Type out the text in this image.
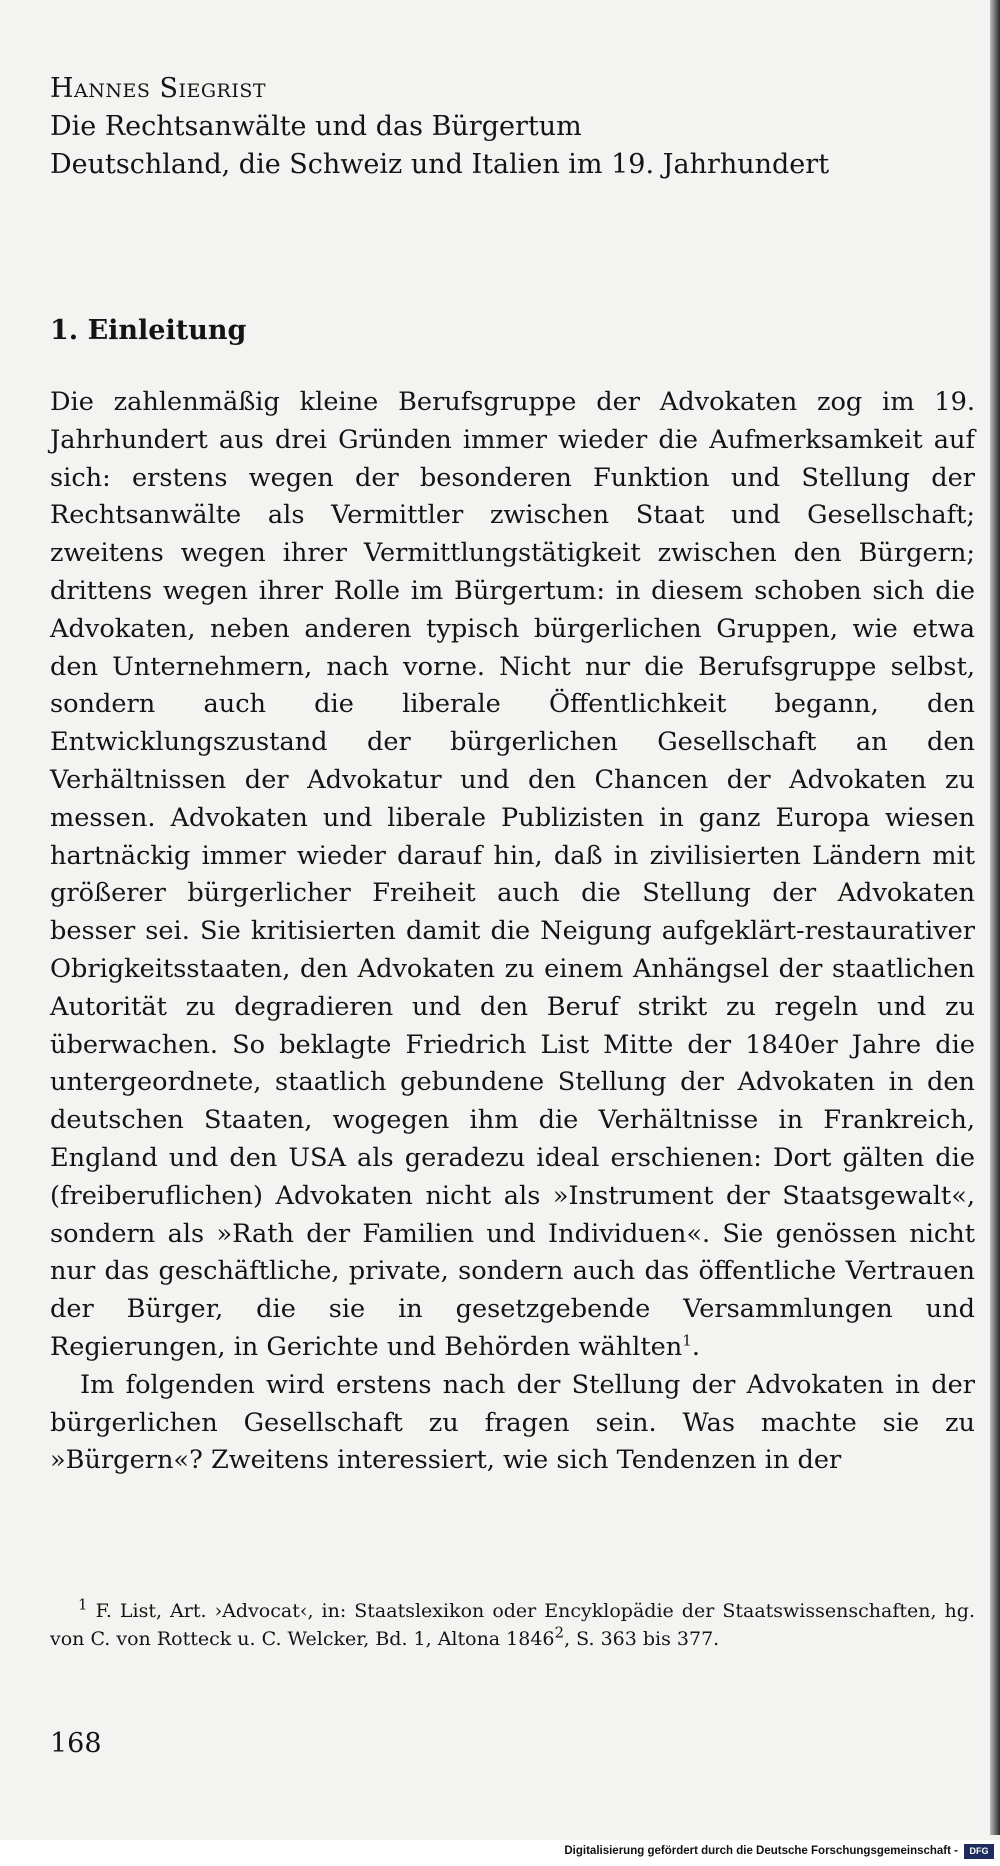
Hannes Siegrist

Die Rechtsanwälte und das Bürgertum

Deutschland, die Schweiz und Italien im 19. Jahrhundert

1. Einleitung

Die zahlenmäßig kleine Berufsgruppe der Advokaten zog im 19. Jahrhundert aus drei Gründen immer wieder die Aufmerksamkeit auf sich: erstens wegen der besonderen Funktion und Stellung der Rechtsanwälte als Vermittler zwischen Staat und Gesellschaft; zweitens wegen ihrer Vermittlungstätigkeit zwischen den Bürgern; drittens wegen ihrer Rolle im Bürgertum: in diesem schoben sich die Advokaten, neben anderen typisch bürgerlichen Gruppen, wie etwa den Unternehmern, nach vorne. Nicht nur die Berufsgruppe selbst, sondern auch die liberale Öffentlichkeit begann, den Entwicklungszustand der bürgerlichen Gesellschaft an den Verhältnissen der Advokatur und den Chancen der Advokaten zu messen. Advokaten und liberale Publizisten in ganz Europa wiesen hartnäckig immer wieder darauf hin, daß in zivilisierten Ländern mit größerer bürgerlicher Freiheit auch die Stellung der Advokaten besser sei. Sie kritisierten damit die Neigung aufgeklärt-restaurativer Obrigkeitsstaaten, den Advokaten zu einem Anhängsel der staatlichen Autorität zu degradieren und den Beruf strikt zu regeln und zu überwachen. So beklagte Friedrich List Mitte der 1840er Jahre die untergeordnete, staatlich gebundene Stellung der Advokaten in den deutschen Staaten, wogegen ihm die Verhältnisse in Frankreich, England und den USA als geradezu ideal erschienen: Dort gälten die (freiberuflichen) Advokaten nicht als »Instrument der Staatsgewalt«, sondern als »Rath der Familien und Individuen«. Sie genössen nicht nur das geschäftliche, private, sondern auch das öffentliche Vertrauen der Bürger, die sie in gesetzgebende Versammlungen und Regierungen, in Gerichte und Behörden wählten$^1$.

Im folgenden wird erstens nach der Stellung der Advokaten in der bürgerlichen Gesellschaft zu fragen sein. Was machte sie zu »Bürgern«? Zweitens interessiert, wie sich Tendenzen in der

$^1$ F. List, Art. ›Advocat‹, in: Staatslexikon oder Encyklopädie der Staatswissenschaften, hg. von C. von Rotteck u. C. Welcker, Bd. 1, Altona 1846$^2$, S. 363 bis 377.

168

Digitalisierung gefördert durch die Deutsche Forschungsgemeinschaft -	DFG
